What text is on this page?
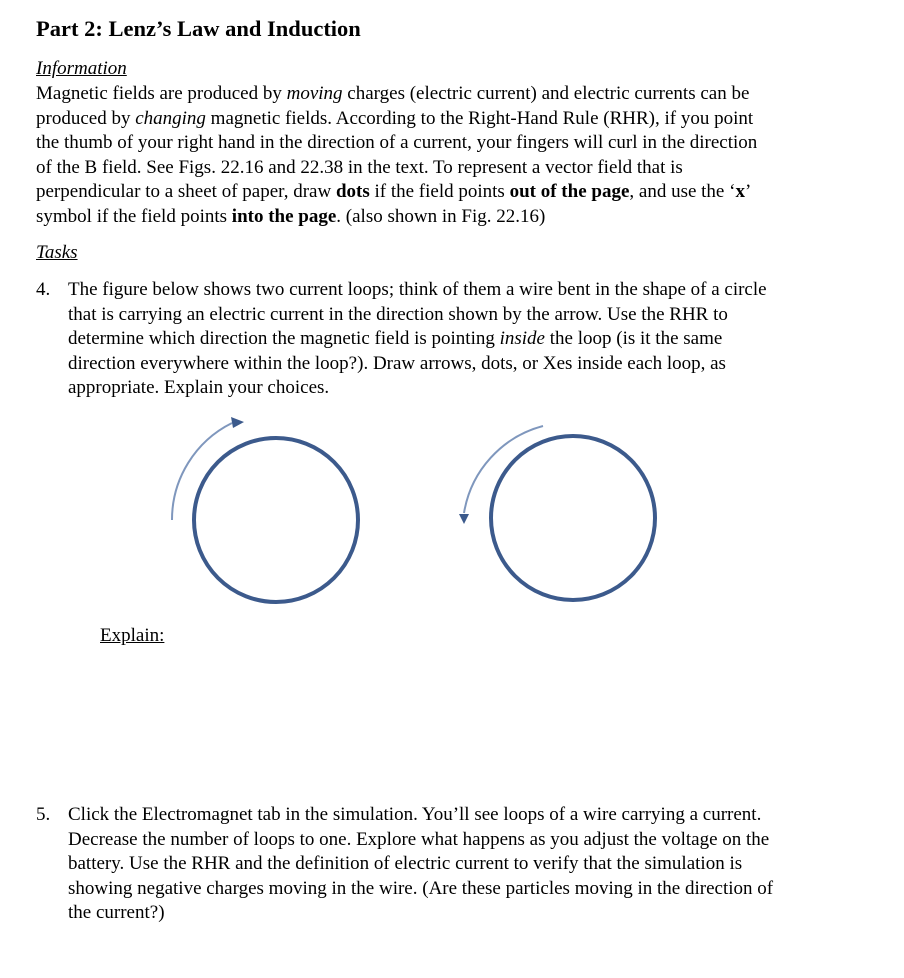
Part 2: Lenz’s Law and Induction
Information
Magnetic fields are produced by moving charges (electric current) and electric currents can be
produced by changing magnetic fields. According to the Right-Hand Rule (RHR), if you point
the thumb of your right hand in the direction of a current, your fingers will curl in the direction
of the B field. See Figs. 22.16 and 22.38 in the text. To represent a vector field that is
perpendicular to a sheet of paper, draw dots if the field points out of the page, and use the ‘x’
symbol if the field points into the page. (also shown in Fig. 22.16)
Tasks
4. The figure below shows two current loops; think of them a wire bent in the shape of a circle
that is carrying an electric current in the direction shown by the arrow. Use the RHR to
determine which direction the magnetic field is pointing inside the loop (is it the same
direction everywhere within the loop?). Draw arrows, dots, or Xes inside each loop, as
appropriate. Explain your choices.
Explain:
5. Click the Electromagnet tab in the simulation. You’ll see loops of a wire carrying a current.
Decrease the number of loops to one. Explore what happens as you adjust the voltage on the
battery. Use the RHR and the definition of electric current to verify that the simulation is
showing negative charges moving in the wire. (Are these particles moving in the direction of
the current?)
